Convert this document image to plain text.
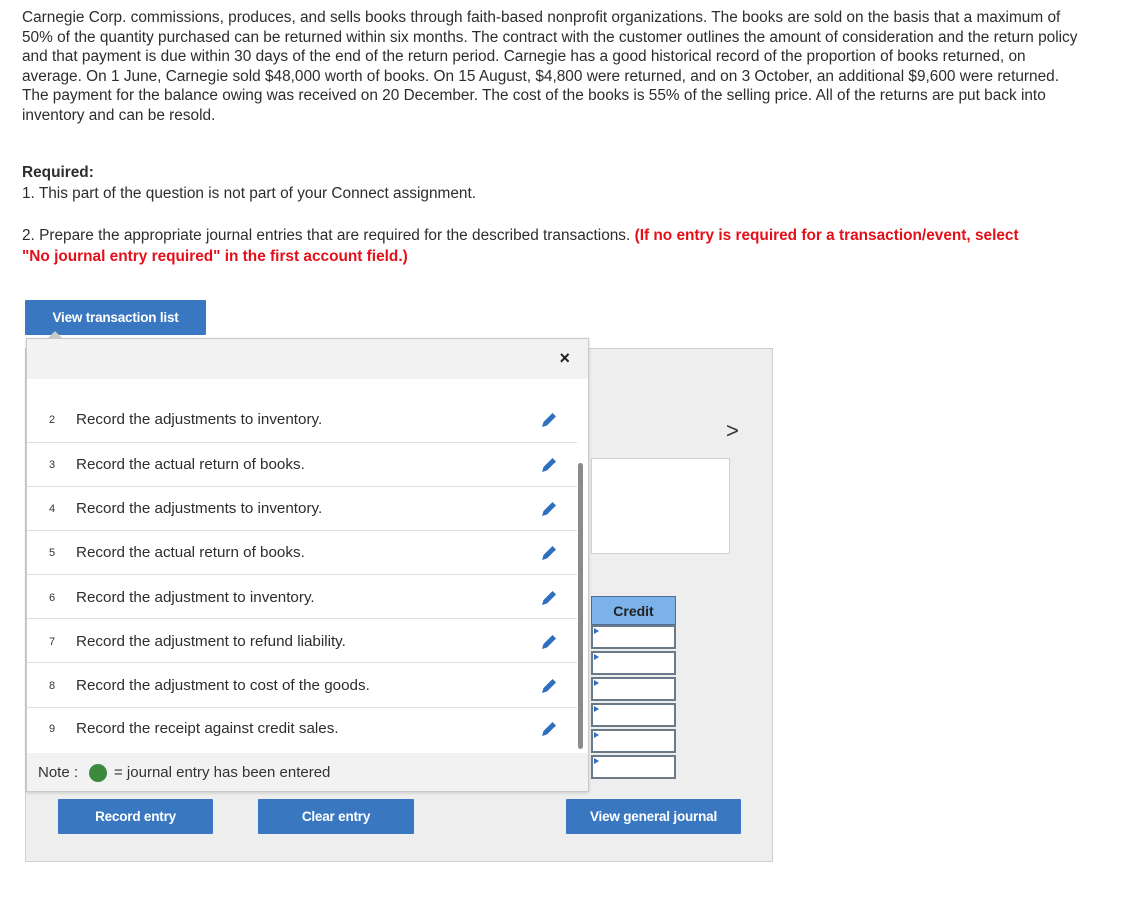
Carnegie Corp. commissions, produces, and sells books through faith-based nonprofit organizations. The books are sold on the basis that a maximum of 50% of the quantity purchased can be returned within six months. The contract with the customer outlines the amount of consideration and the return policy and that payment is due within 30 days of the end of the return period. Carnegie has a good historical record of the proportion of books returned, on average. On 1 June, Carnegie sold $48,000 worth of books. On 15 August, $4,800 were returned, and on 3 October, an additional $9,600 were returned. The payment for the balance owing was received on 20 December. The cost of the books is 55% of the selling price. All of the returns are put back into inventory and can be resold.

Required:

1. This part of the question is not part of your Connect assignment.

2. Prepare the appropriate journal entries that are required for the described transactions. (If no entry is required for a transaction/event, select "No journal entry required" in the first account field.)

View transaction list
>
Credit
×
2 Record the adjustments to inventory.
3 Record the actual return of books.
4 Record the adjustments to inventory.
5 Record the actual return of books.
6 Record the adjustment to inventory.
7 Record the adjustment to refund liability.
8 Record the adjustment to cost of the goods.
9 Record the receipt against credit sales.
Note : = journal entry has been entered
Record entry	Clear entry	View general journal
